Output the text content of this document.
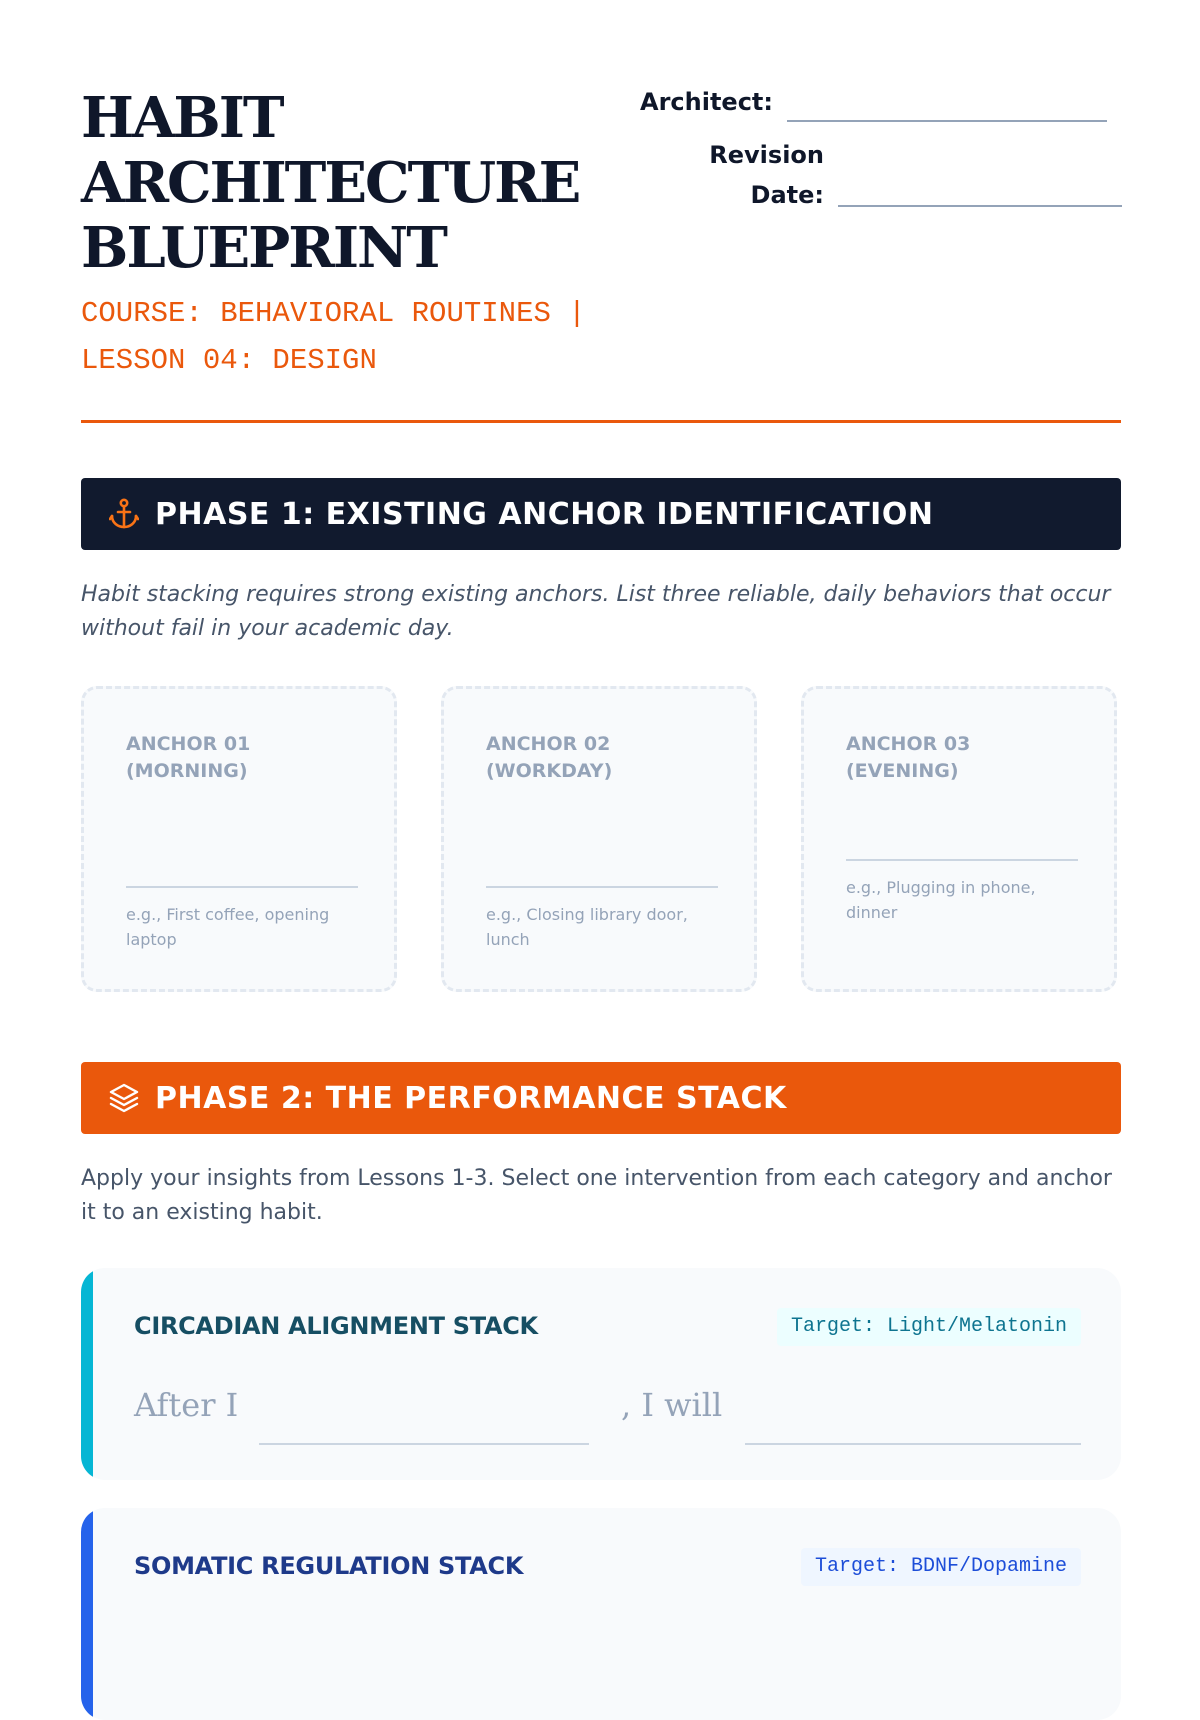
HABIT
ARCHITECTURE
BLUEPRINT
COURSE: BEHAVIORAL ROUTINES |
LESSON 04: DESIGN
Architect:
Revision
Date:
PHASE 1: EXISTING ANCHOR IDENTIFICATION
Habit stacking requires strong existing anchors. List three reliable, daily behaviors that occur without fail in your academic day.
ANCHOR 01 (MORNING)
e.g., First coffee, opening laptop
ANCHOR 02 (WORKDAY)
e.g., Closing library door, lunch
ANCHOR 03 (EVENING)
e.g., Plugging in phone, dinner
PHASE 2: THE PERFORMANCE STACK
Apply your insights from Lessons 1-3. Select one intervention from each category and anchor it to an existing habit.
CIRCADIAN ALIGNMENT STACK	Target: Light/Melatonin
After I	, I will
SOMATIC REGULATION STACK	Target: BDNF/Dopamine
